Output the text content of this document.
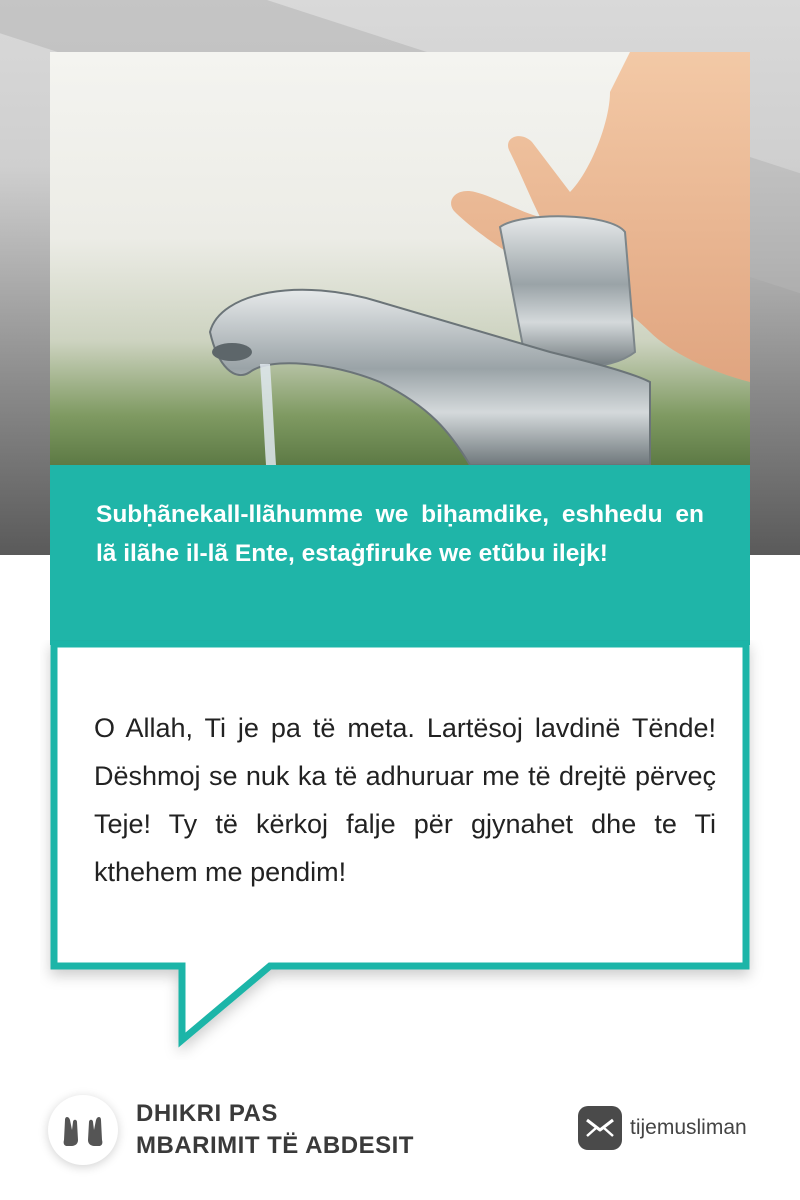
Subḥãnekall-llãhumme we biḥamdike, eshhedu en lã ilãhe il-lã Ente, estaġfiruke we etũbu ilejk!

O Allah, Ti je pa të meta. Lartësoj lavdinë Tënde! Dëshmoj se nuk ka të adhuruar me të drejtë përveç Teje! Ty të kërkoj falje për gjynahet dhe te Ti kthehem me pendim!

DHIKRI PAS
MBARIMIT TË ABDESIT
tijemusliman
